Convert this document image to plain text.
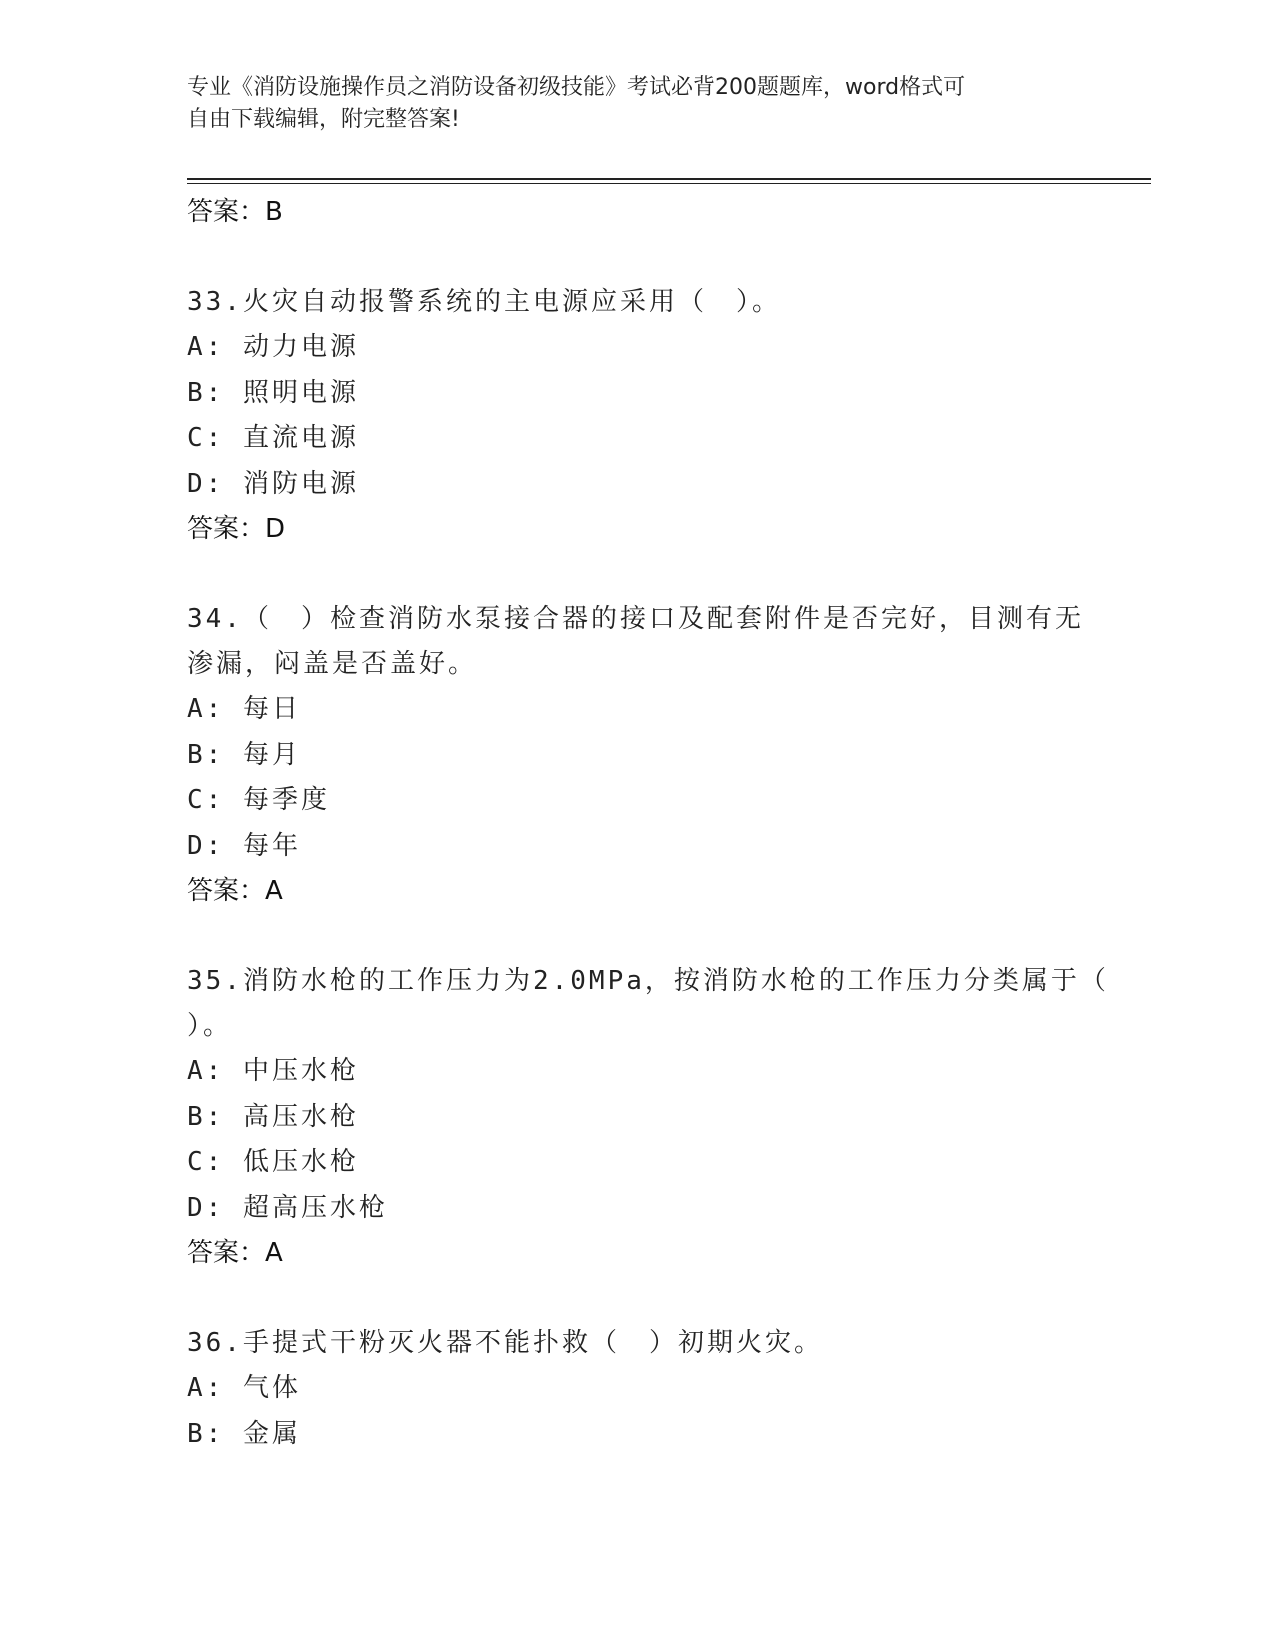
专业《消防设施操作员之消防设备初级技能》考试必背200题题库，word格式可
自由下载编辑，附完整答案!
答案：B
33.火灾自动报警系统的主电源应采用（　）。
A: 动力电源
B: 照明电源
C: 直流电源
D: 消防电源
答案：D
34.（　）检查消防水泵接合器的接口及配套附件是否完好，目测有无
渗漏，闷盖是否盖好。
A: 每日
B: 每月
C: 每季度
D: 每年
答案：A
35.消防水枪的工作压力为2.0MPa，按消防水枪的工作压力分类属于（
）。
A: 中压水枪
B: 高压水枪
C: 低压水枪
D: 超高压水枪
答案：A
36.手提式干粉灭火器不能扑救（　）初期火灾。
A: 气体
B: 金属
